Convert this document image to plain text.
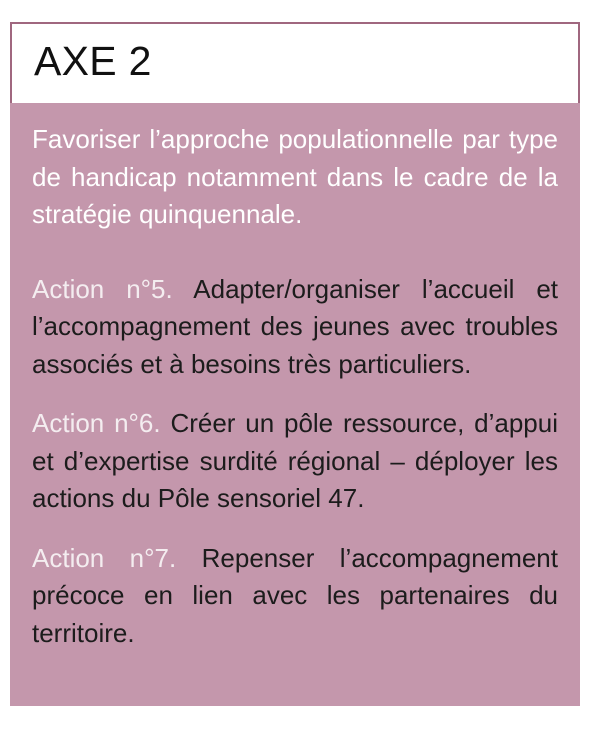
AXE 2

Favoriser l’approche populationnelle par type de handicap notamment dans le cadre de la stratégie quinquennale.

Action n°5. Adapter/organiser l’accueil et l’accompagnement des jeunes avec troubles associés et à besoins très particuliers.

Action n°6. Créer un pôle ressource, d’appui et d’expertise surdité régional – déployer les actions du Pôle sensoriel 47.

Action n°7. Repenser l’accompagnement précoce en lien avec les partenaires du territoire.
